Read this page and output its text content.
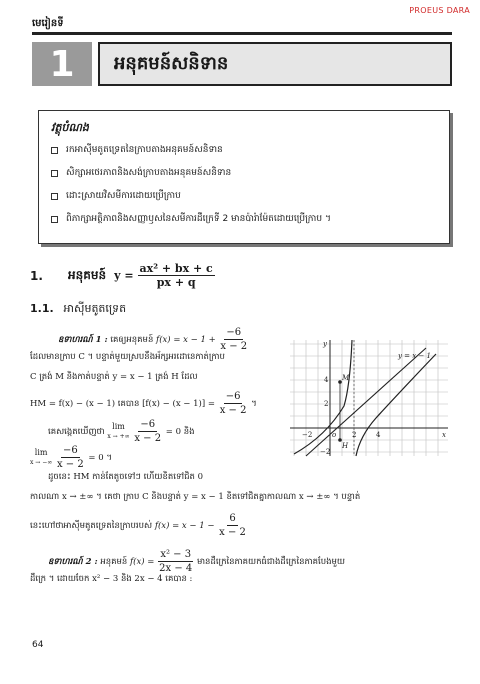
PROEUS DARA
មេរៀនទី
1	អនុគមន៍សនិទាន
វត្ថុបំណង
រកអាស៊ីមតូតទ្រេតនៃក្រាបតាងអនុគមន៍សនិទាន
សិក្សាអថេរភាពនិងសង់ក្រាបតាងអនុគមន៍សនិទាន
ដោះស្រាយវិសមីការដោយប្រើក្រាប
ពិភាក្សាអត្ថិភាពនិងសញ្ញាឫសនៃសមីការដឺក្រេទី 2 មានប៉ារ៉ាម៉ែតដោយប្រើក្រាប ។
1.	អនុគមន៍ $y = \frac{\text{ax² + bx + c}}{px + q}$
1.1. អាស៊ីមតូតទ្រេត
ឧទាហរណ៍ 1 : គេឲ្យអនុគមន៍ $f(x) = x - 1 + \frac{-6}{x - 2}$
ដែលមានក្រាប C ។ បន្ទាត់មួយស្របនឹងអ័ក្សអរដោនេកាត់ក្រាប
C ត្រង់ M និងកាត់បន្ទាត់ y = x − 1 ត្រង់ H ដែល
HM = f(x) − (x − 1) គេបាន $[f(x) - (x - 1)] = \frac{-6}{x - 2}$ ។
គេសង្កេតឃើញថា
lim
x → +∞
$\frac{-6}{x - 2} = 0$ និង
lim
x → −∞
$\frac{-6}{x - 2} = 0$ ។
ដូចនេះ HM កាន់តែតូចទៅៗ ហើយខិតទៅជិត 0
កាលណា x → ±∞ ។ គេថា ក្រាប C និងបន្ទាត់ y = x − 1 ខិតទៅជិតគ្នាកាលណា x → ±∞ ។ បន្ទាត់
នេះហៅថាអាស៊ីមតូតទ្រេតនៃក្រាបរបស់ $f(x) = x - 1 - \frac{6}{x - 2}$
ឧទាហរណ៍ 2 : អនុគមន៍ $f(x) = \frac{\text{x² − 3}}{2x - 4}$ មានដឺក្រេនៃភាគយកធំជាងដឺក្រេនៃភាគបែងមួយ
ដឺក្រេ ។ ដោយចែក x² − 3 និង 2x − 4 គេបាន :
y
x
y = x − 1
4
2
−2
−2	2	4
o
M
H
64
